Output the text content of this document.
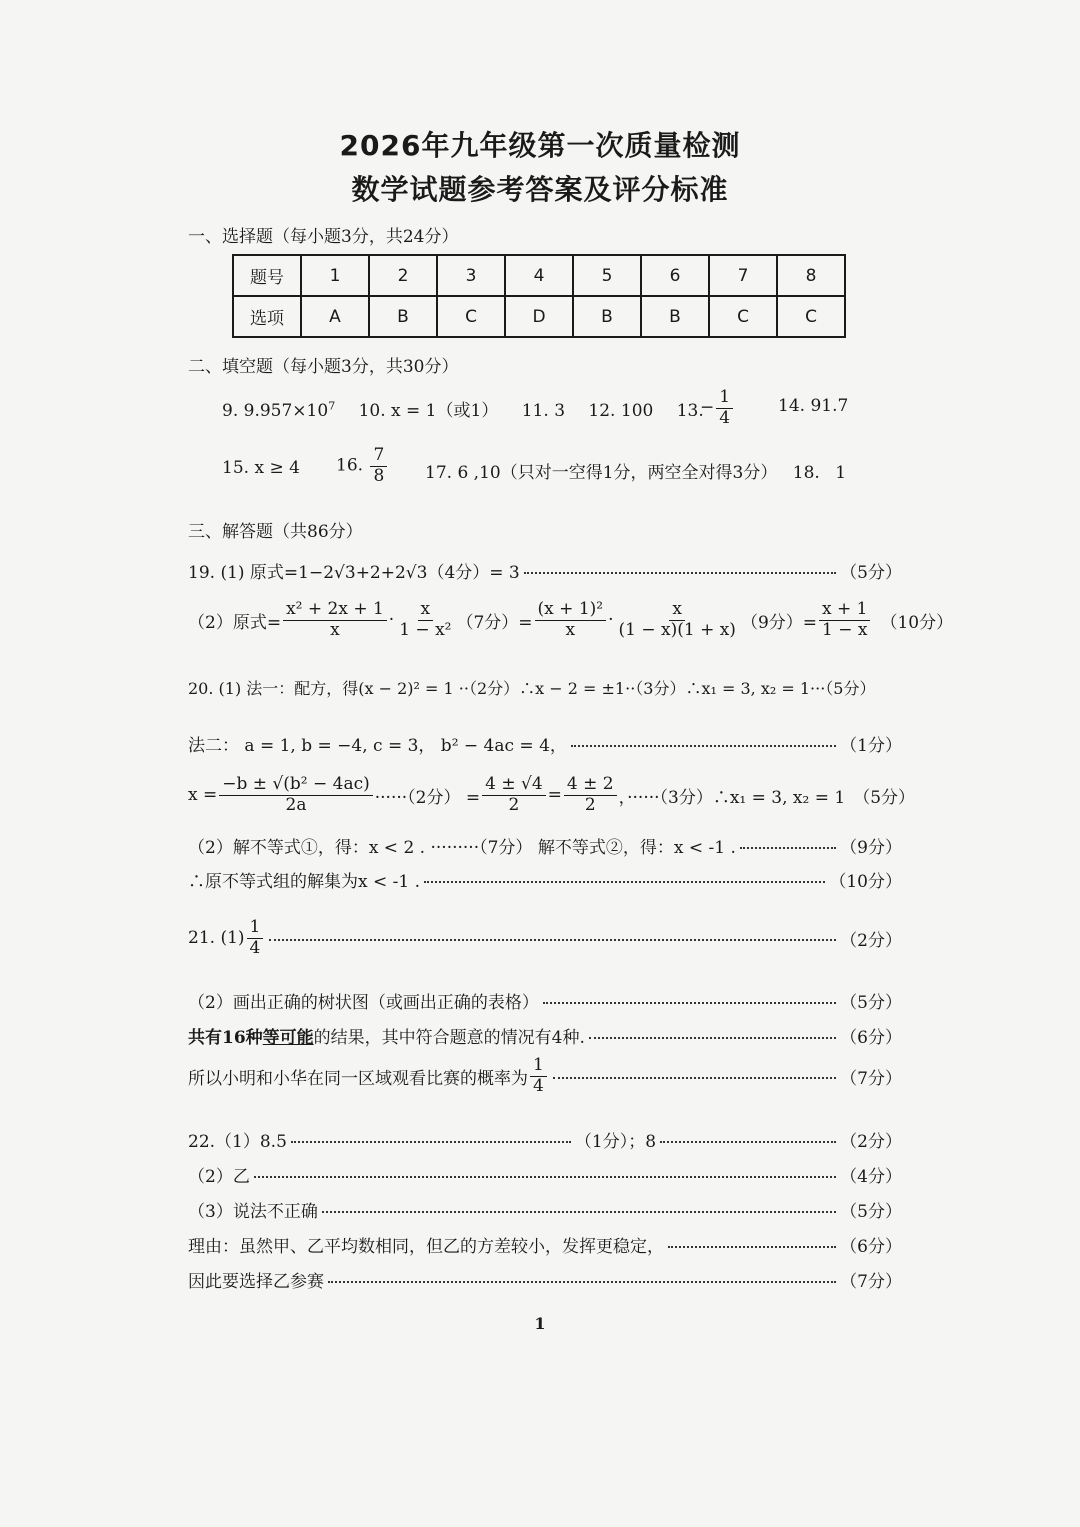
2026年九年级第一次质量检测
数学试题参考答案及评分标准
一、选择题（每小题3分，共24分）
题号	1	2	3	4	5	6	7	8
选项	A	B	C	D	B	B	C	C
二、填空题（每小题3分，共30分）
9. $9.957\times 10^7$ 10. x = 1（或1） 11. 3 12. 100 13.
− $\frac{1}{4}$	14. 91.7
15. x ≥ 4 16. $\frac{7}{8} 17$. 6 ,10（只对一空得1分，两空全对得3分） 18. 1
三、解答题（共86分）
19. (1) 原式=1−2√3+2+2√3（4分）= 3	（5分）
（2）原式= $\frac{\text{x² + 2x + 1}}{x} \cdot \frac{x}{\text{1 − x²}} (7$分）= $\frac{\text{(x + 1)²}}{x} \cdot \frac{x}{(1 - x)(1 + x)} (9$分）= $\frac{x + 1}{1 - x} (10$分）
20. (1) 法一：配方，得(x − 2)² = 1 ··（2分）∴x − 2 = ±1··（3分）∴x₁ = 3, x₂ = 1···（5分）
法二： a = 1, b = −4, c = 3， b² − 4ac = 4，	（1分）
$x = \frac{\text{−b ± √(b² − 4ac)}}{2a} \cdot\cdot\cdot\cdot\cdot\cdot(2$分） = $\frac{4 \pm √4}{2} = \frac{4 \pm 2}{2}$ ，······（3分）∴x₁ = 3, x₂ = 1 （5分）
（2）解不等式①，得：x < 2 . ·········（7分） 解不等式②，得：x < -1 .	（9分）
∴原不等式组的解集为x < -1 .	（10分）
21. $(1) \frac{1}{4}$	（2分）
（2）画出正确的树状图（或画出正确的表格）	（5分）
共有16种 等可能 的结果，其中符合题意的情况有4种.	（6分）
所以小明和小华在同一区域观看比赛的概率为 $\frac{1}{4}$	（7分）
22.（1）8.5	（1分）；8	（2分）
（2）乙	（4分）
（3）说法不正确	（5分）
理由：虽然甲、乙平均数相同，但乙的方差较小，发挥更稳定，	（6分）
因此要选择乙参赛	（7分）
1
